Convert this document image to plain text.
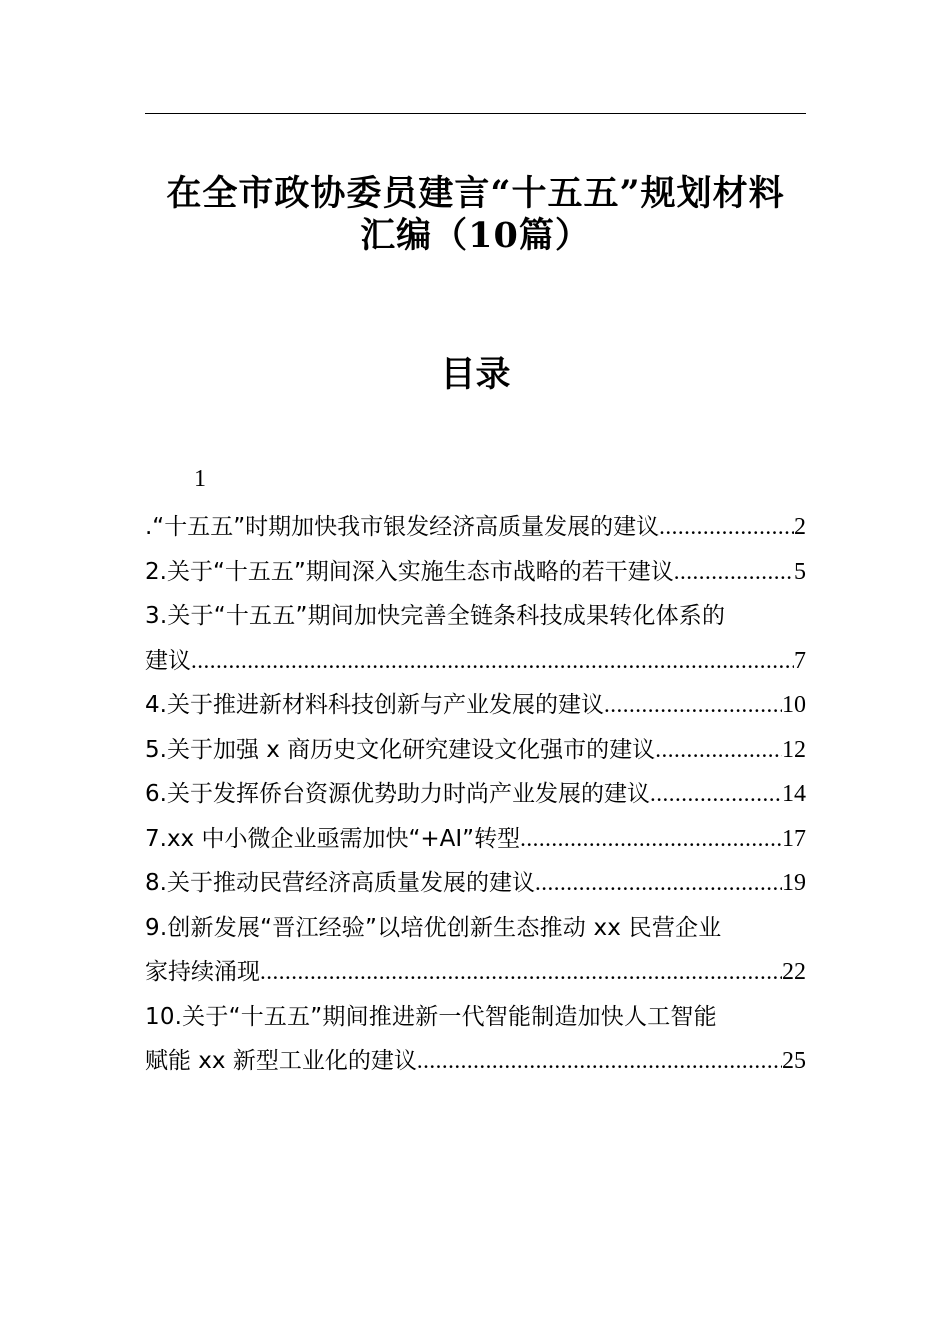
在全市政协委员建言“十五五”规划材料
汇编（10篇）
目录
1
.“十五五”时期加快我市银发经济高质量发展的建议 .....	2
2.关于“十五五”期间深入实施生态市战略的若干建议 .....	5
3.关于“十五五”期间加快完善全链条科技成果转化体系的
建议 .....	7
4.关于推进新材料科技创新与产业发展的建议 .....	10
5.关于加强 x 商历史文化研究建设文化强市的建议 .....	12
6.关于发挥侨台资源优势助力时尚产业发展的建议 .....	14
7.xx 中小微企业亟需加快“+AI”转型 .....	17
8.关于推动民营经济高质量发展的建议 .....	19
9.创新发展“晋江经验”以培优创新生态推动 xx 民营企业
家持续涌现 .....	22
10.关于“十五五”期间推进新一代智能制造加快人工智能
赋能 xx 新型工业化的建议 .....	25
